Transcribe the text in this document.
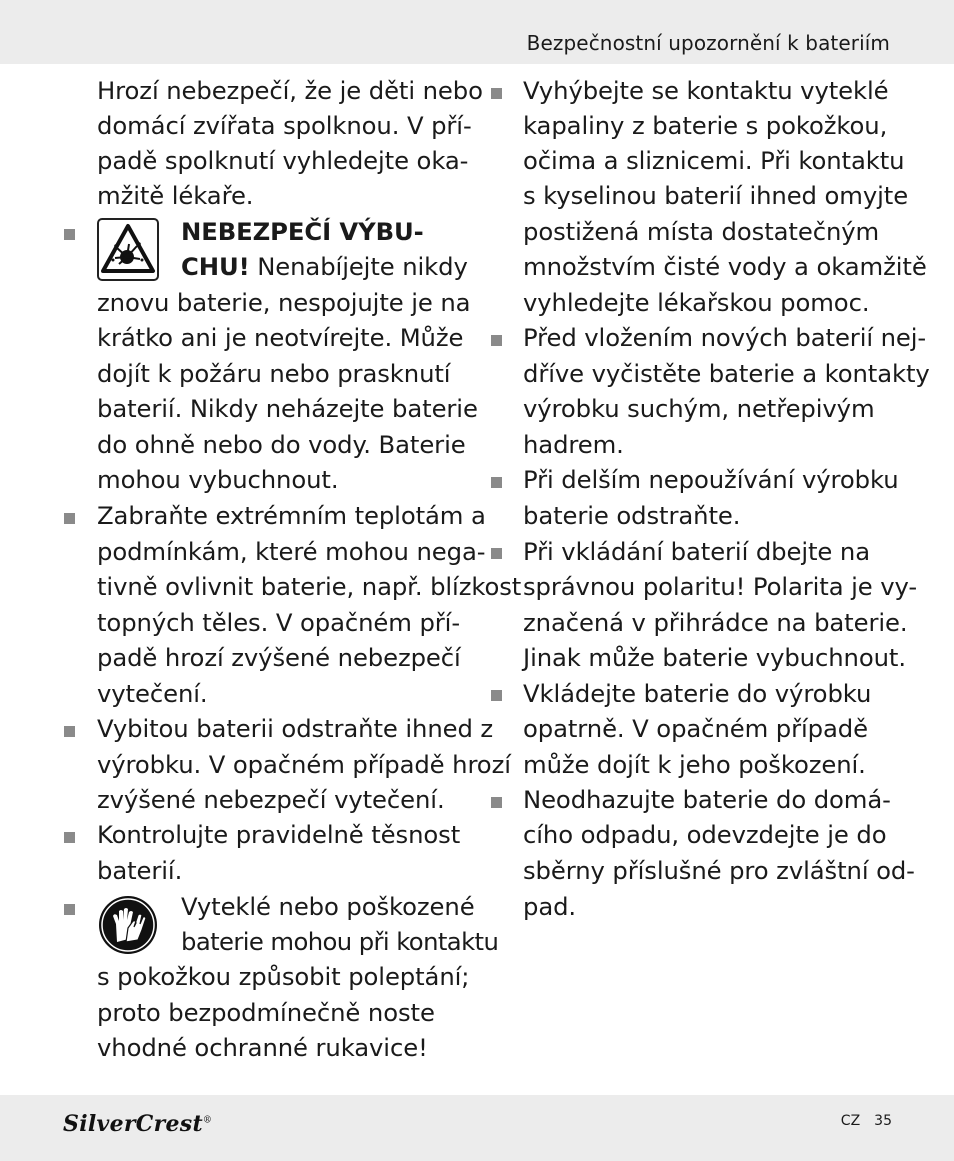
Bezpečnostní upozornění k bateriím
Hrozí nebezpečí, že je děti nebo
domácí zvířata spolknou. V pří-
padě spolknutí vyhledejte oka-
mžitě lékaře.
NEBEZPEČÍ VÝBU-
CHU! Nenabíjejte nikdy
znovu baterie, nespojujte je na
krátko ani je neotvírejte. Může
dojít k požáru nebo prasknutí
baterií. Nikdy neházejte baterie
do ohně nebo do vody. Baterie
mohou vybuchnout.
Zabraňte extrémním teplotám a
podmínkám, které mohou nega-
tivně ovlivnit baterie, např. blízkost
topných těles. V opačném pří-
padě hrozí zvýšené nebezpečí
vytečení.
Vybitou baterii odstraňte ihned z
výrobku. V opačném případě hrozí
zvýšené nebezpečí vytečení.
Kontrolujte pravidelně těsnost
baterií.
Vyteklé nebo poškozené
baterie mohou při kontaktu
s pokožkou způsobit poleptání;
proto bezpodmínečně noste
vhodné ochranné rukavice!
Vyhýbejte se kontaktu vyteklé
kapaliny z baterie s pokožkou,
očima a sliznicemi. Při kontaktu
s kyselinou baterií ihned omyjte
postižená místa dostatečným
množstvím čisté vody a okamžitě
vyhledejte lékařskou pomoc.
Před vložením nových baterií nej-
dříve vyčistěte baterie a kontakty
výrobku suchým, netřepivým
hadrem.
Při delším nepoužívání výrobku
baterie odstraňte.
Při vkládání baterií dbejte na
správnou polaritu! Polarita je vy-
značená v přihrádce na baterie.
Jinak může baterie vybuchnout.
Vkládejte baterie do výrobku
opatrně. V opačném případě
může dojít k jeho poškození.
Neodhazujte baterie do domá-
cího odpadu, odevzdejte je do
sběrny příslušné pro zvláštní od-
pad.
SilverCrest®	CZ 35
